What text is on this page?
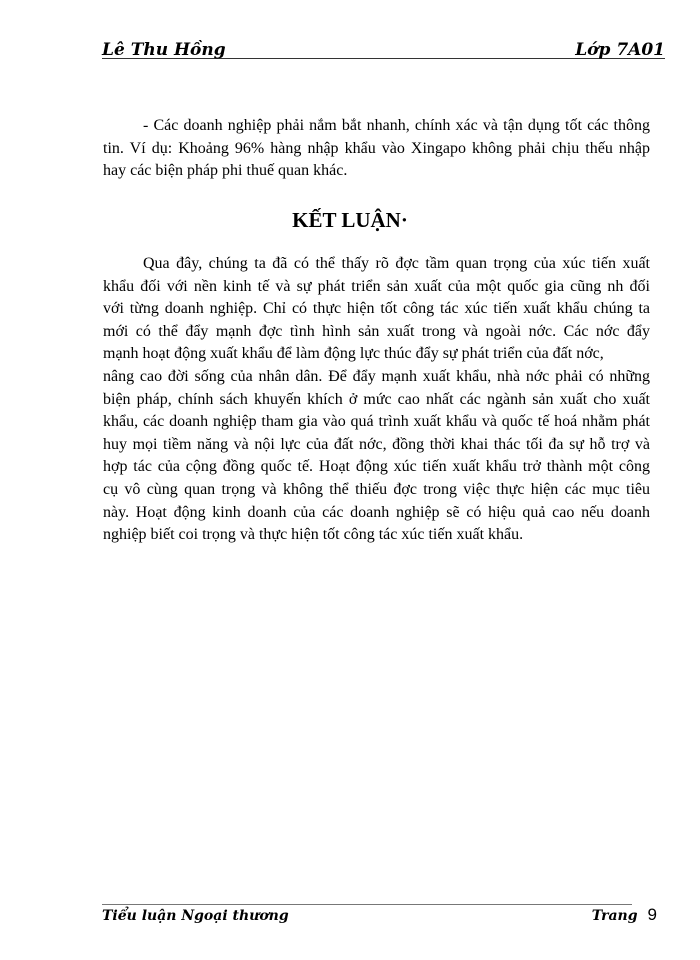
Lê Thu Hồng	Lớp 7A01
- Các doanh nghiệp phải nắm bắt nhanh, chính xác và tận dụng tốt các thông
tin. Ví dụ: Khoảng 96% hàng nhập khẩu vào Xingapo không phải chịu thếu nhập
hay các biện pháp phi thuế quan khác.
KẾT LUẬN·
Qua đây, chúng ta đã có thể thấy rõ đợc tầm quan trọng của xúc tiến xuất
khẩu đối với nền kinh tế và sự phát triển sản xuất của một quốc gia cũng nh đối
với từng doanh nghiệp. Chỉ có thực hiện tốt công tác xúc tiến xuất khẩu chúng ta
mới có thể đẩy mạnh đợc tình hình sản xuất trong và ngoài nớc. Các nớc đẩy
mạnh hoạt động xuất khẩu để làm động lực thúc đẩy sự phát triển của đất nớc,
nâng cao đời sống của nhân dân. Để đẩy mạnh xuất khẩu, nhà nớc phải có những
biện pháp, chính sách khuyến khích ở mức cao nhất các ngành sản xuất cho xuất
khẩu, các doanh nghiệp tham gia vào quá trình xuất khẩu và quốc tế hoá nhằm phát
huy mọi tiềm năng và nội lực của đất nớc, đồng thời khai thác tối đa sự hỗ trợ và
hợp tác của cộng đồng quốc tế. Hoạt động xúc tiến xuất khẩu trở thành một công
cụ vô cùng quan trọng và không thể thiếu đợc trong việc thực hiện các mục tiêu
này. Hoạt động kinh doanh của các doanh nghiệp sẽ có hiệu quả cao nếu doanh
nghiệp biết coi trọng và thực hiện tốt công tác xúc tiến xuất khẩu.
Tiểu luận Ngoại thương	Trang 9
